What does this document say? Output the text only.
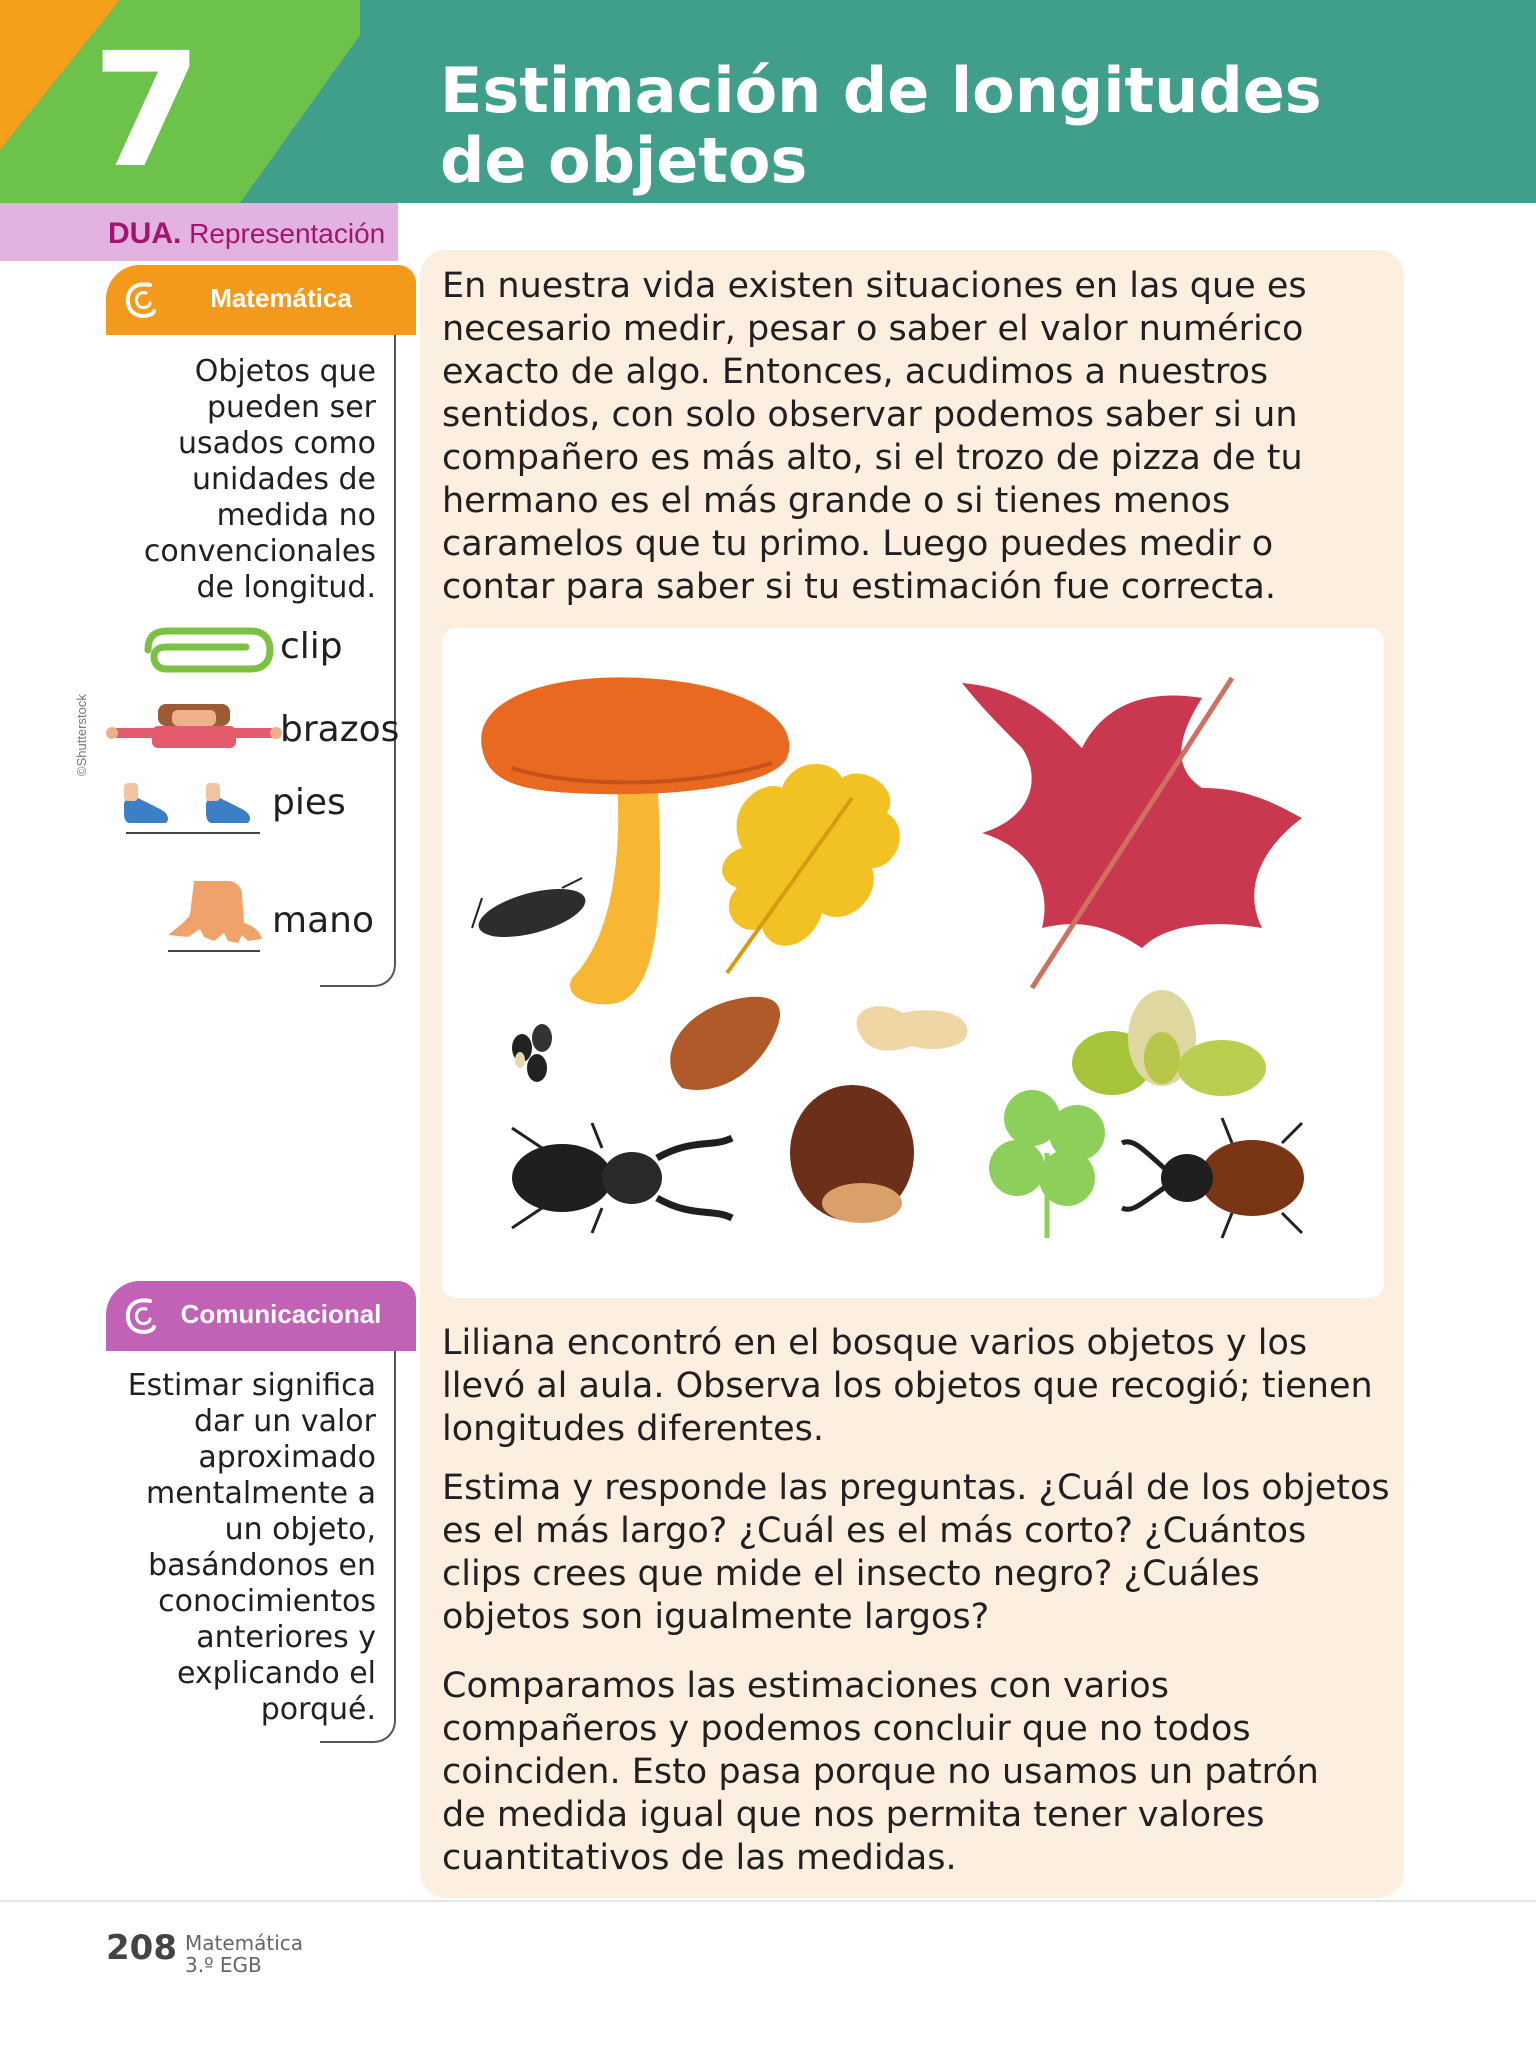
7	Estimación de longitudes
de objetos
DUA. Representación
Matemática
Objetos que
pueden ser
usados como
unidades de
medida no
convencionales
de longitud.
clip
brazos
pies
mano
©Shutterstock
Comunicacional
Estimar significa
dar un valor
aproximado
mentalmente a
un objeto,
basándonos en
conocimientos
anteriores y
explicando el
porqué.
En nuestra vida existen situaciones en las que es
necesario medir, pesar o saber el valor numérico
exacto de algo. Entonces, acudimos a nuestros
sentidos, con solo observar podemos saber si un
compañero es más alto, si el trozo de pizza de tu
hermano es el más grande o si tienes menos
caramelos que tu primo. Luego puedes medir o
contar para saber si tu estimación fue correcta.
Liliana encontró en el bosque varios objetos y los
llevó al aula. Observa los objetos que recogió; tienen
longitudes diferentes.
Estima y responde las preguntas. ¿Cuál de los objetos
es el más largo? ¿Cuál es el más corto? ¿Cuántos
clips crees que mide el insecto negro? ¿Cuáles
objetos son igualmente largos?
Comparamos las estimaciones con varios
compañeros y podemos concluir que no todos
coinciden. Esto pasa porque no usamos un patrón
de medida igual que nos permita tener valores
cuantitativos de las medidas.
208 Matemática
3.º EGB
